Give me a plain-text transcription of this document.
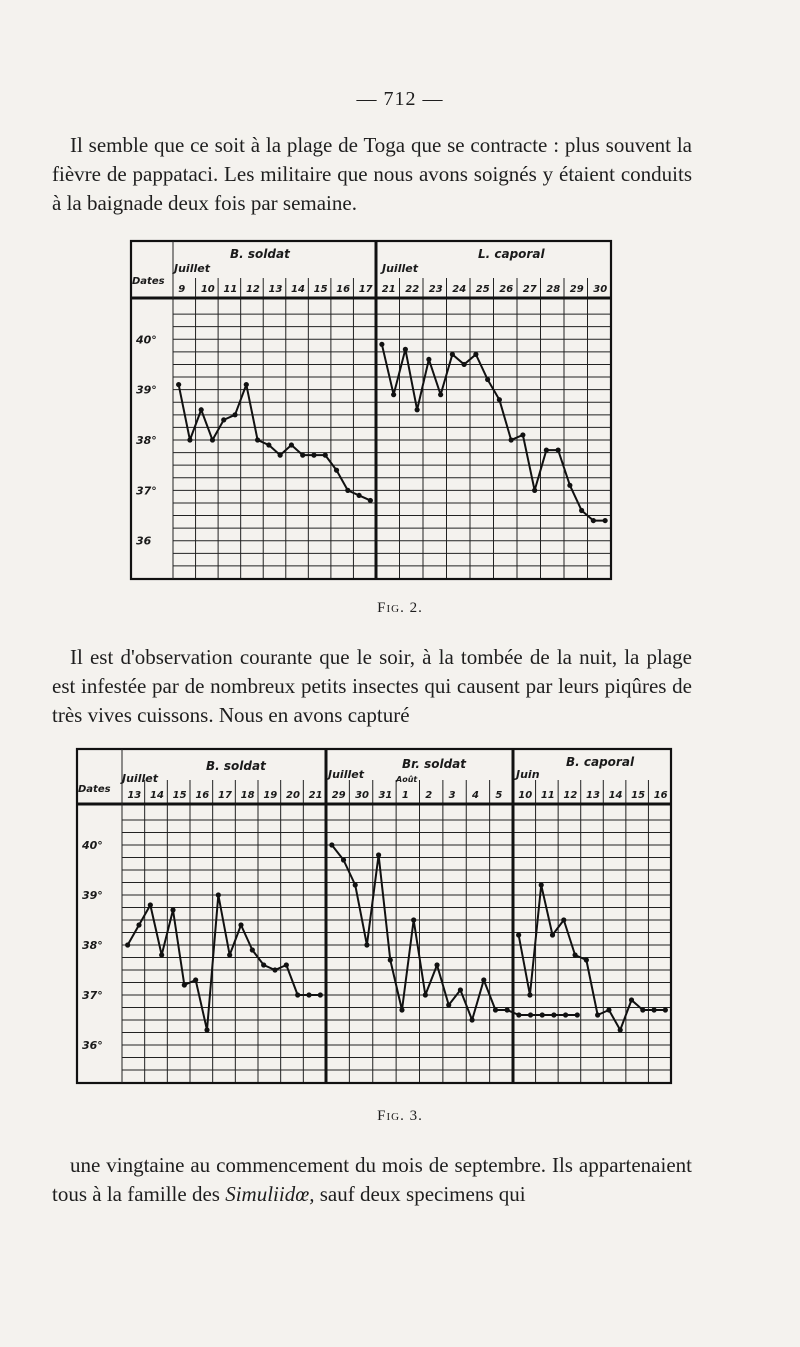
— 712 —

Il semble que ce soit à la plage de Toga que se contracte : plus souvent la fièvre de pappataci. Les militaire que nous avons soignés y étaient conduits à la baignade deux fois par semaine.

Dates
B. soldat
Juillet
L. caporal
Juillet
9 10 11 12 13 14 15 16 17 21 22 23 24 25 26 27 28 29 30
40°
39°
38°
37°
36
Fig. 2.

Il est d'observation courante que le soir, à la tombée de la nuit, la plage est infestée par de nombreux petits insectes qui causent par leurs piqûres de très vives cuissons. Nous en avons capturé

Dates
B. soldat
Juillet
Br. soldat
Juillet	Août
B. caporal
Juin
13 14 15 16 17 18 19 20 21 29 30 31 1 2 3 4 5 10 11 12 13 14 15 16
40°
39°
38°
37°
36°
Fig. 3.

une vingtaine au commencement du mois de septembre. Ils appartenaient tous à la famille des Simuliidœ, sauf deux specimens qui
